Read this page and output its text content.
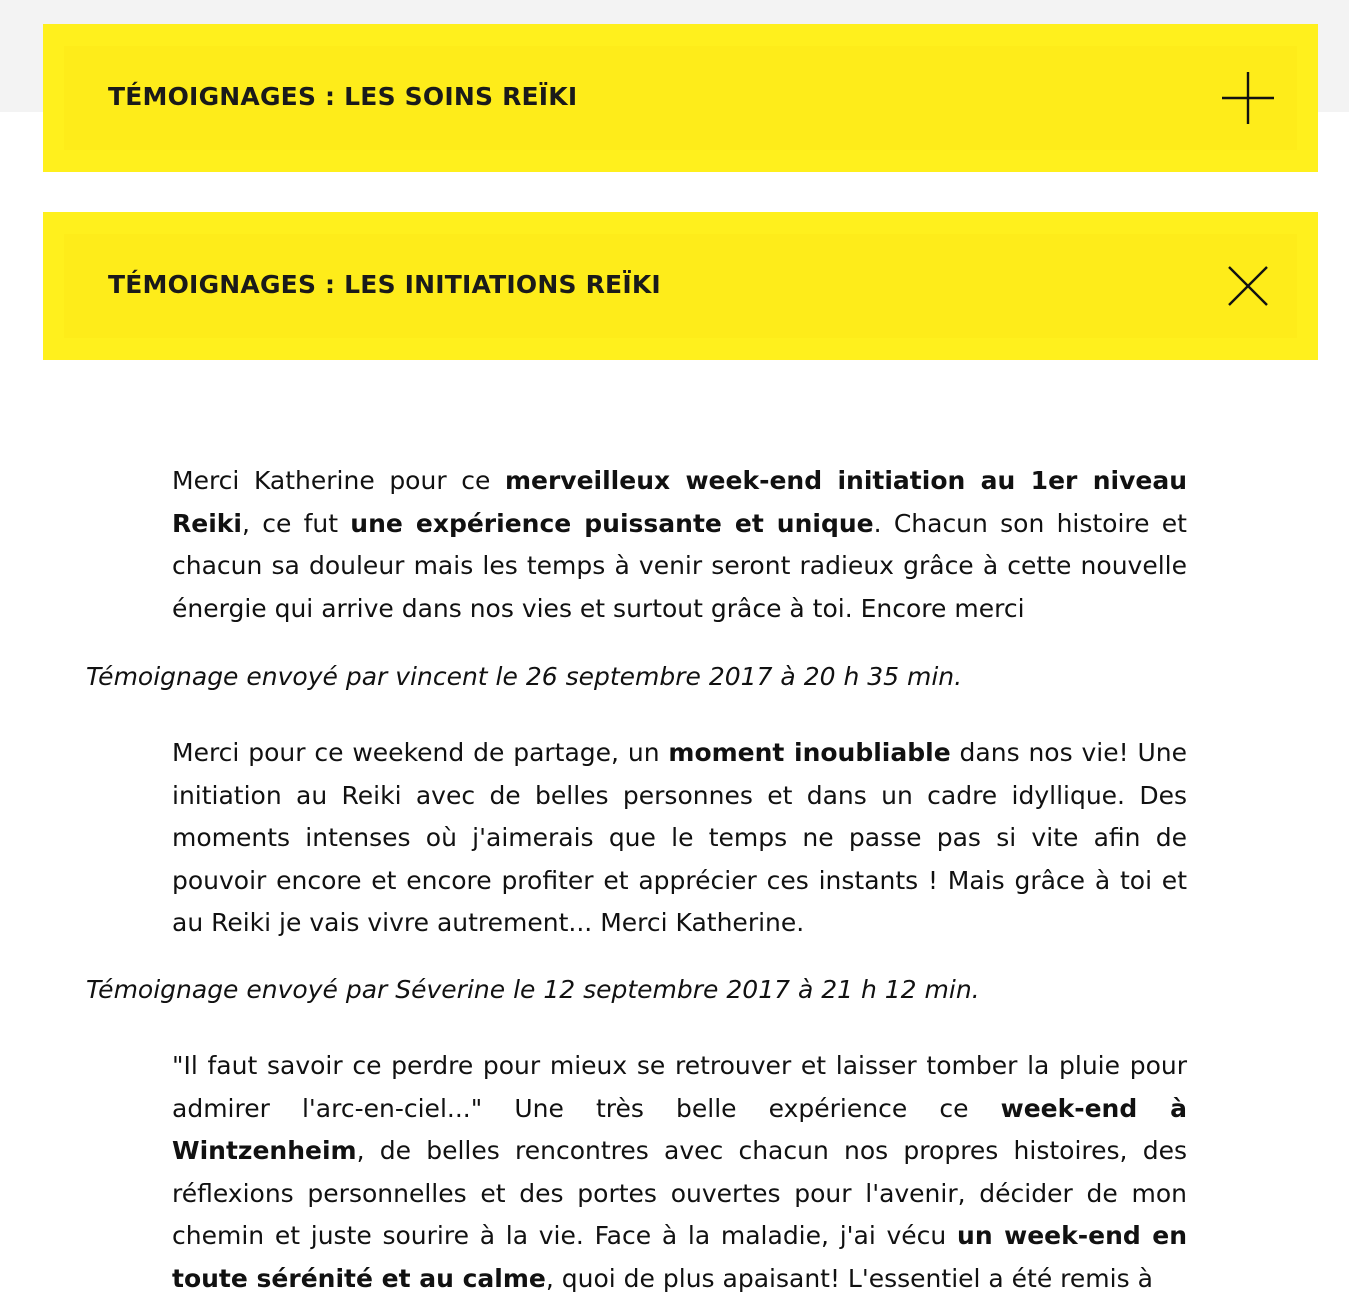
TÉMOIGNAGES : LES SOINS REÏKI
TÉMOIGNAGES : LES INITIATIONS REÏKI
Merci Katherine pour ce merveilleux week-end initiation au 1er niveau Reiki, ce fut une expérience puissante et unique. Chacun son histoire et chacun sa douleur mais les temps à venir seront radieux grâce à cette nouvelle énergie qui arrive dans nos vies et surtout grâce à toi. Encore merci
Témoignage envoyé par vincent le 26 septembre 2017 à 20 h 35 min.
Merci pour ce weekend de partage, un moment inoubliable dans nos vie! Une initiation au Reiki avec de belles personnes et dans un cadre idyllique. Des moments intenses où j'aimerais que le temps ne passe pas si vite afin de pouvoir encore et encore profiter et apprécier ces instants ! Mais grâce à toi et au Reiki je vais vivre autrement... Merci Katherine.
Témoignage envoyé par Séverine le 12 septembre 2017 à 21 h 12 min.
"Il faut savoir ce perdre pour mieux se retrouver et laisser tomber la pluie pour admirer l'arc-en-ciel..." Une très belle expérience ce week-end à Wintzenheim, de belles rencontres avec chacun nos propres histoires, des réflexions personnelles et des portes ouvertes pour l'avenir, décider de mon chemin et juste sourire à la vie. Face à la maladie, j'ai vécu un week-end en toute sérénité et au calme, quoi de plus apaisant! L'essentiel a été remis à
